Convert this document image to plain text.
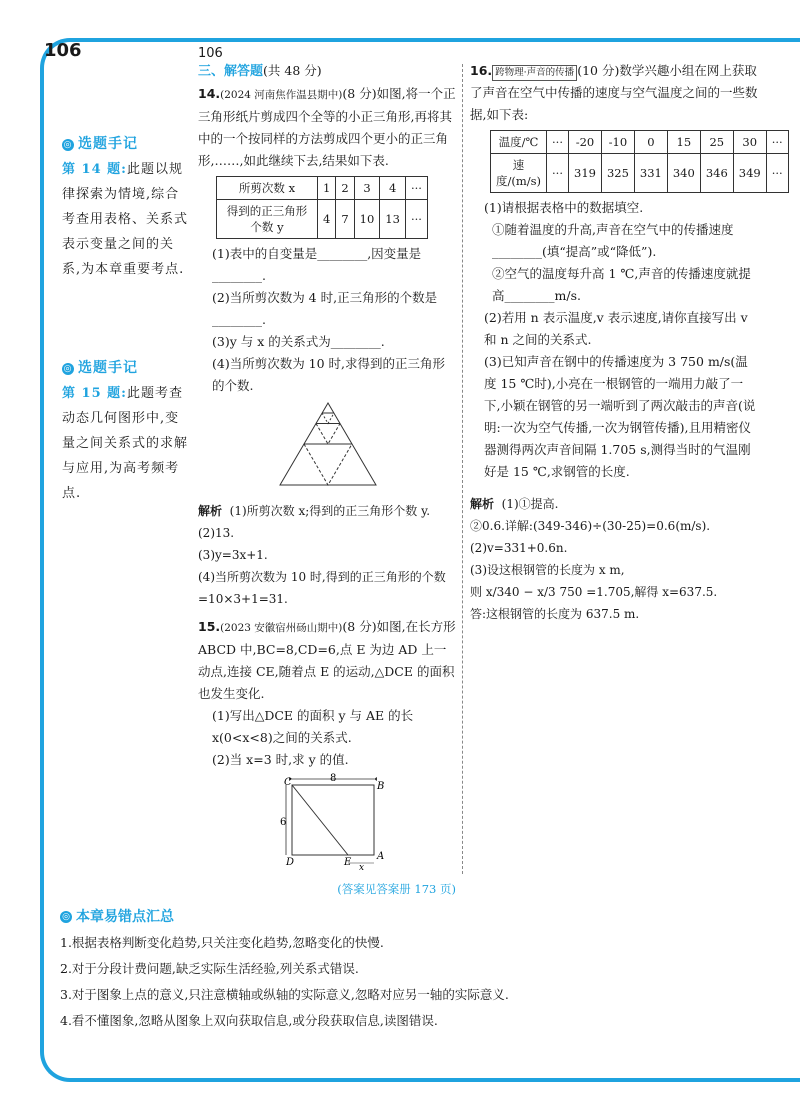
106	106
◎ 选题手记

第 14 题:此题以规律探索为情境,综合考查用表格、关系式表示变量之间的关系,为本章重要考点.

◎ 选题手记

第 15 题:此题考查动态几何图形中,变量之间关系式的求解与应用,为高考频考点.

三、解答题(共 48 分)

14.(2024 河南焦作温县期中)(8 分)如图,将一个正三角形纸片剪成四个全等的小正三角形,再将其中的一个按同样的方法剪成四个更小的正三角形,……,如此继续下去,结果如下表.

所剪次数 x	1	2	3	4	···
得到的正三角形个数 y	4	7	10	13	···

(1)表中的自变量是________,因变量是________.

(2)当所剪次数为 4 时,正三角形的个数是________.

(3)y 与 x 的关系式为________.

(4)当所剪次数为 10 时,求得到的正三角形的个数.

解析 (1)所剪次数 x;得到的正三角形个数 y.

(2)13.

(3)y=3x+1.

(4)当所剪次数为 10 时,得到的正三角形的个数=10×3+1=31.

15.(2023 安徽宿州砀山期中)(8 分)如图,在长方形 ABCD 中,BC=8,CD=6,点 E 为边 AD 上一动点,连接 CE,随着点 E 的运动,△DCE 的面积也发生变化.

(1)写出△DCE 的面积 y 与 AE 的长 x(0<x<8)之间的关系式.

(2)当 x=3 时,求 y 的值.

8
6
C	B
D	E
A
x

(答案见答案册 173 页)

16. 跨物理·声音的传播 (10 分)数学兴趣小组在网上获取了声音在空气中传播的速度与空气温度之间的一些数据,如下表:

温度/℃	···	-20	-10	0	15	25	30	···
速度/(m/s)	···	319	325	331	340	346	349	···

(1)请根据表格中的数据填空.

①随着温度的升高,声音在空气中的传播速度________(填“提高”或“降低”).

②空气的温度每升高 1 ℃,声音的传播速度就提高________m/s.

(2)若用 n 表示温度,v 表示速度,请你直接写出 v 和 n 之间的关系式.

(3)已知声音在钢中的传播速度为 3 750 m/s(温度 15 ℃时),小亮在一根钢管的一端用力敲了一下,小颖在钢管的另一端听到了两次敲击的声音(说明:一次为空气传播,一次为钢管传播),且用精密仪器测得两次声音间隔 1.705 s,测得当时的气温刚好是 15 ℃,求钢管的长度.

解析 (1)①提高.

②0.6.详解:(349-346)÷(30-25)=0.6(m/s).

(2)v=331+0.6n.

(3)设这根钢管的长度为 x m,

则 x/340 − x/3 750 =1.705,解得 x=637.5.

答:这根钢管的长度为 637.5 m.

◎ 本章易错点汇总

1.根据表格判断变化趋势,只关注变化趋势,忽略变化的快慢.

2.对于分段计费问题,缺乏实际生活经验,列关系式错误.

3.对于图象上点的意义,只注意横轴或纵轴的实际意义,忽略对应另一轴的实际意义.

4.看不懂图象,忽略从图象上双向获取信息,或分段获取信息,读图错误.
